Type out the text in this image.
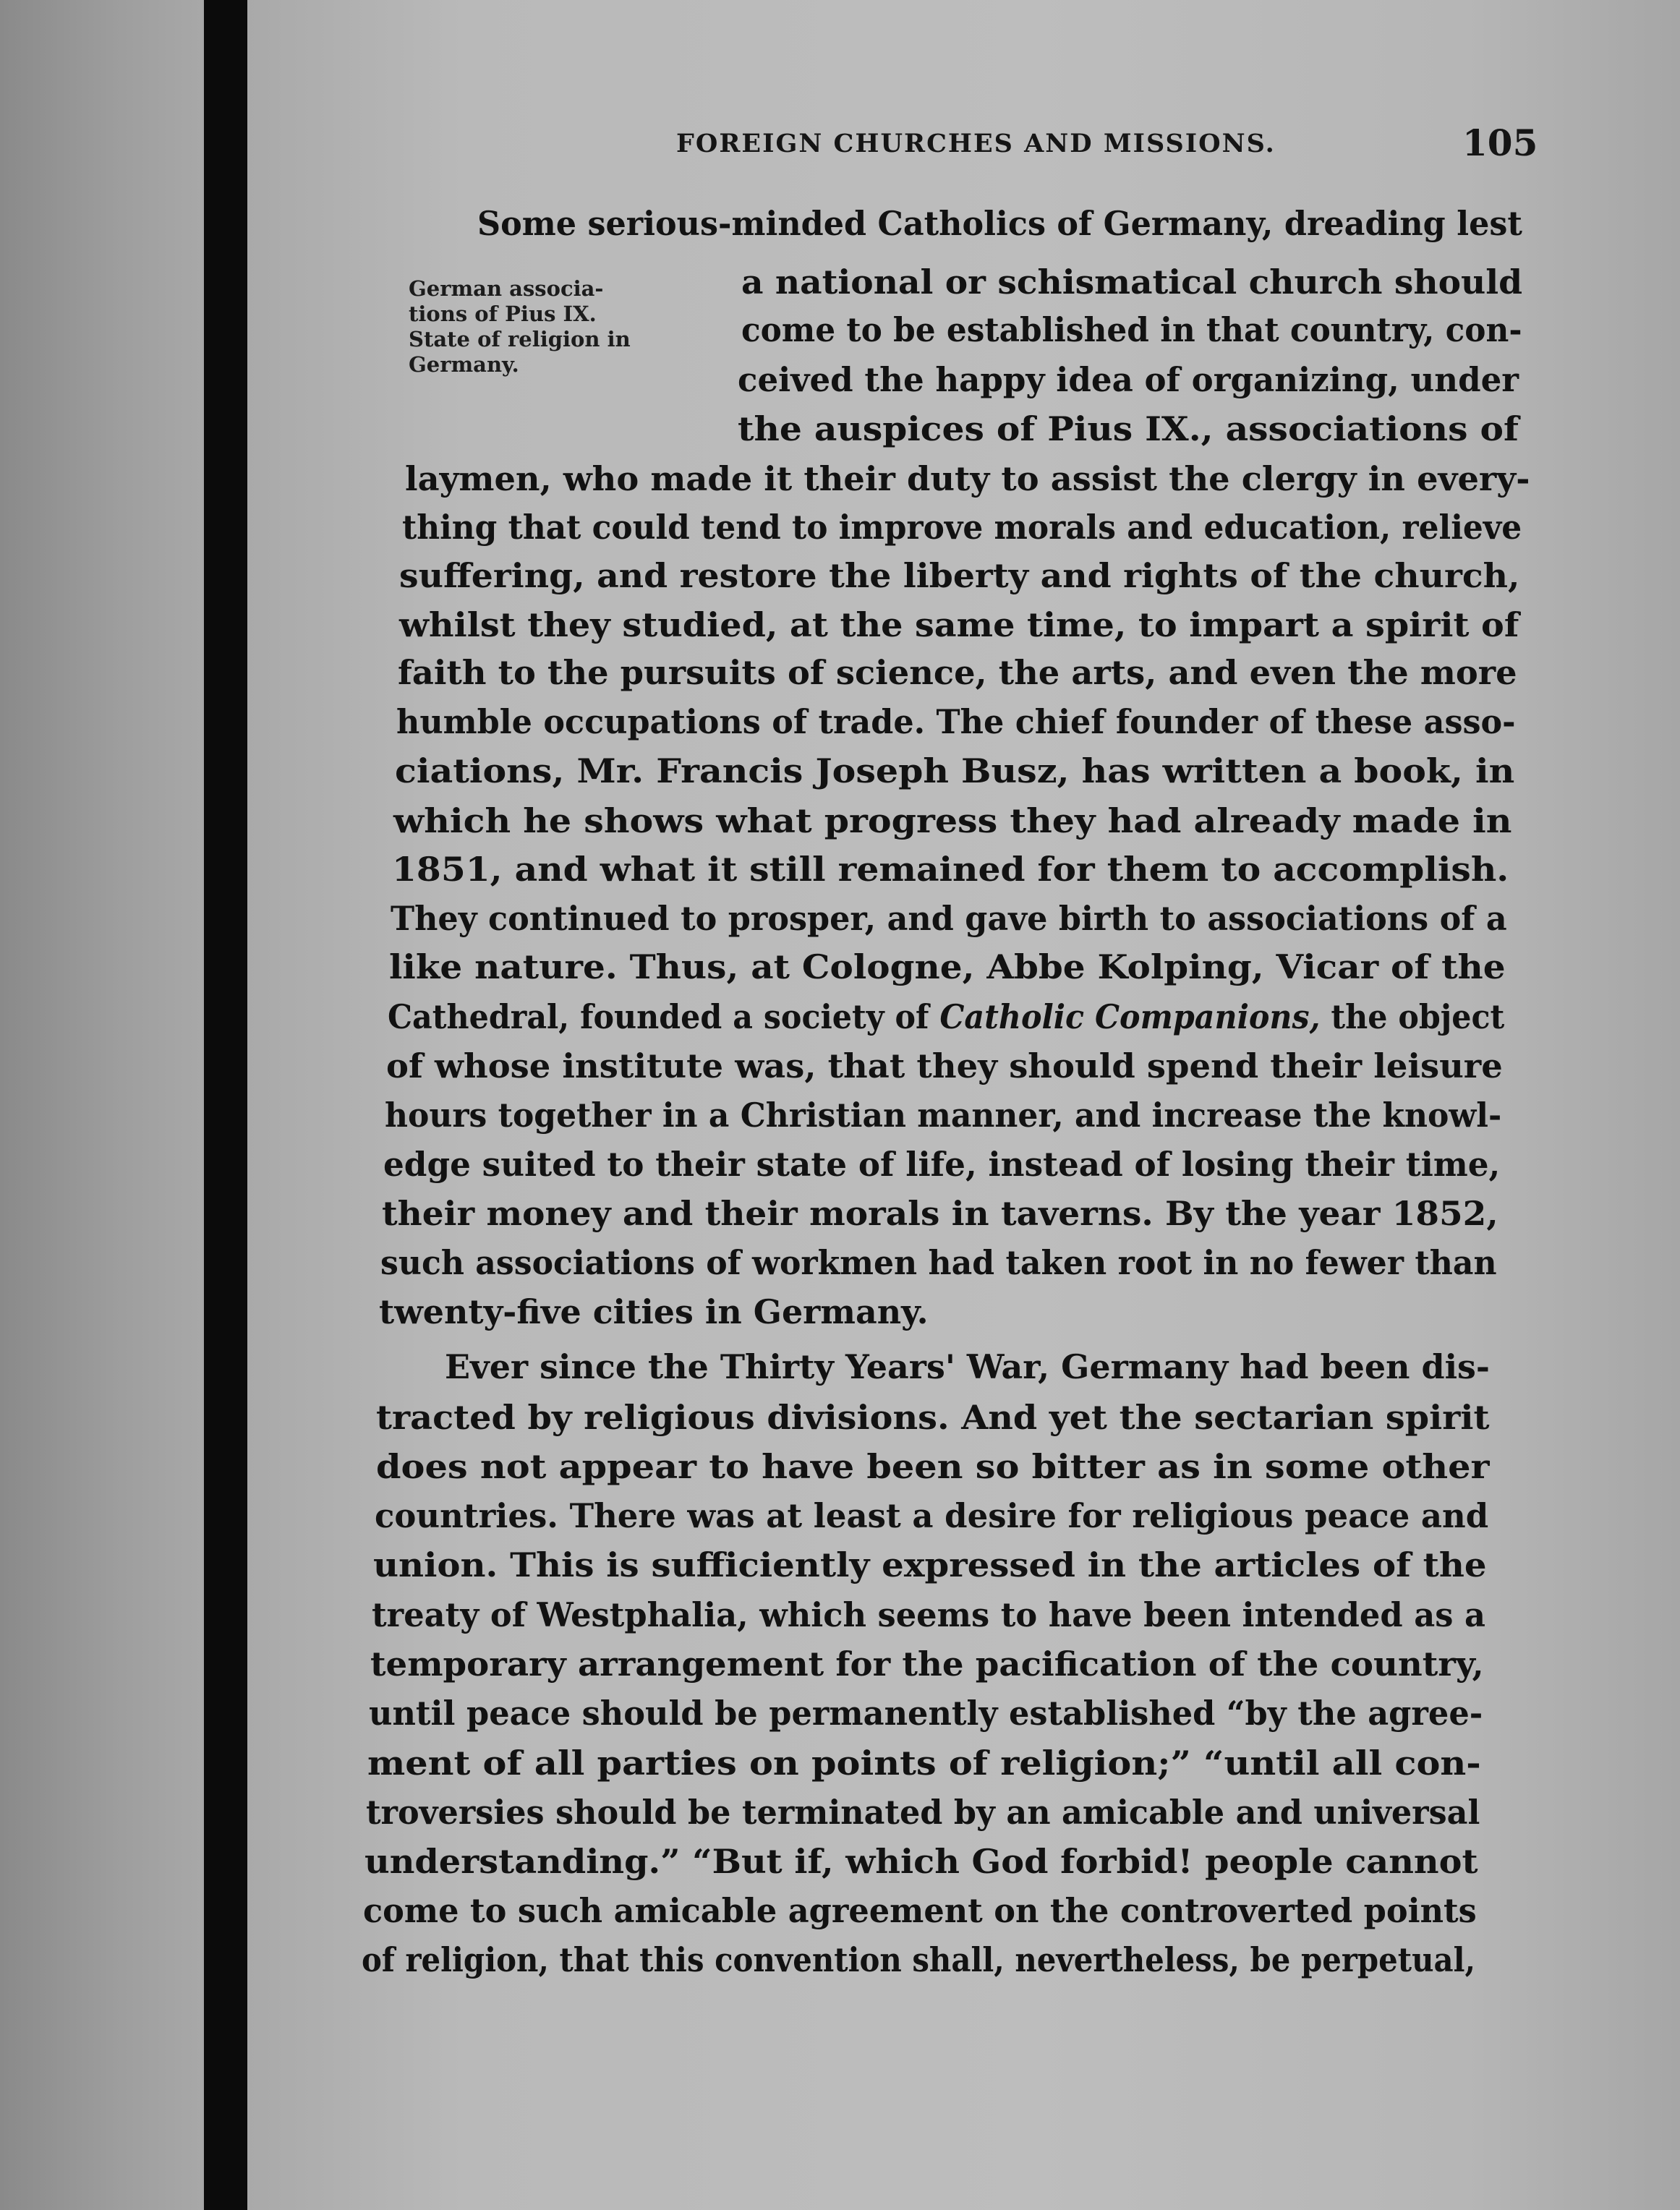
FOREIGN CHURCHES AND MISSIONS.	105
German associa-
tions of Pius IX.
State of religion in
Germany.
Some serious-minded Catholics of Germany, dreading lest
a national or schismatical church should
come to be established in that country, con-
ceived the happy idea of organizing, under
the auspices of Pius IX., associations of
laymen, who made it their duty to assist the clergy in every-
thing that could tend to improve morals and education, relieve
suffering, and restore the liberty and rights of the church,
whilst they studied, at the same time, to impart a spirit of
faith to the pursuits of science, the arts, and even the more
humble occupations of trade. The chief founder of these asso-
ciations, Mr. Francis Joseph Busz, has written a book, in
which he shows what progress they had already made in
1851, and what it still remained for them to accomplish.
They continued to prosper, and gave birth to associations of a
like nature. Thus, at Cologne, Abbe Kolping, Vicar of the
Cathedral, founded a society of Catholic Companions, the object
of whose institute was, that they should spend their leisure
hours together in a Christian manner, and increase the knowl-
edge suited to their state of life, instead of losing their time,
their money and their morals in taverns. By the year 1852,
such associations of workmen had taken root in no fewer than
twenty-five cities in Germany.
Ever since the Thirty Years' War, Germany had been dis-
tracted by religious divisions. And yet the sectarian spirit
does not appear to have been so bitter as in some other
countries. There was at least a desire for religious peace and
union. This is sufficiently expressed in the articles of the
treaty of Westphalia, which seems to have been intended as a
temporary arrangement for the pacification of the country,
until peace should be permanently established “by the agree-
ment of all parties on points of religion;” “until all con-
troversies should be terminated by an amicable and universal
understanding.” “But if, which God forbid! people cannot
come to such amicable agreement on the controverted points
of religion, that this convention shall, nevertheless, be perpetual,
